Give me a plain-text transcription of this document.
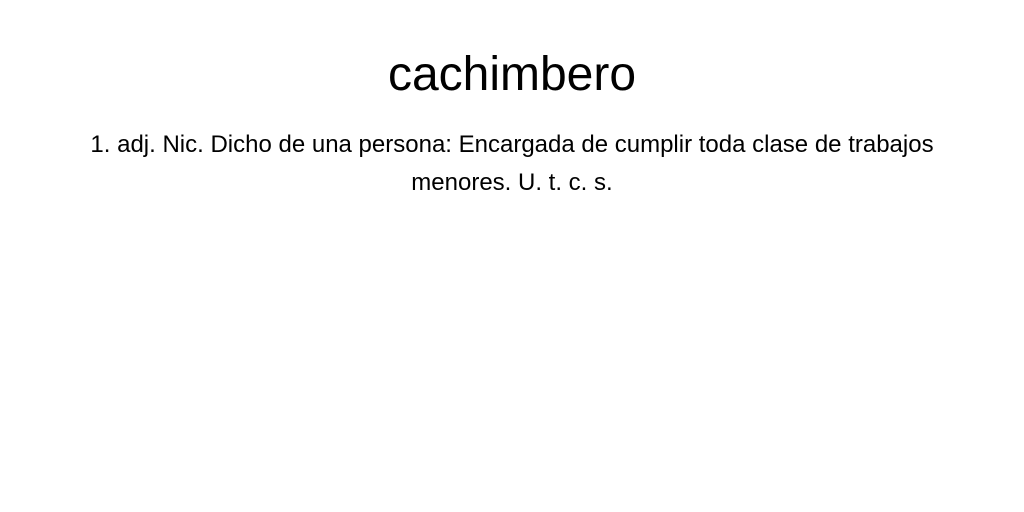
cachimbero

1. adj. Nic. Dicho de una persona: Encargada de cumplir toda clase de trabajos menores. U. t. c. s.
